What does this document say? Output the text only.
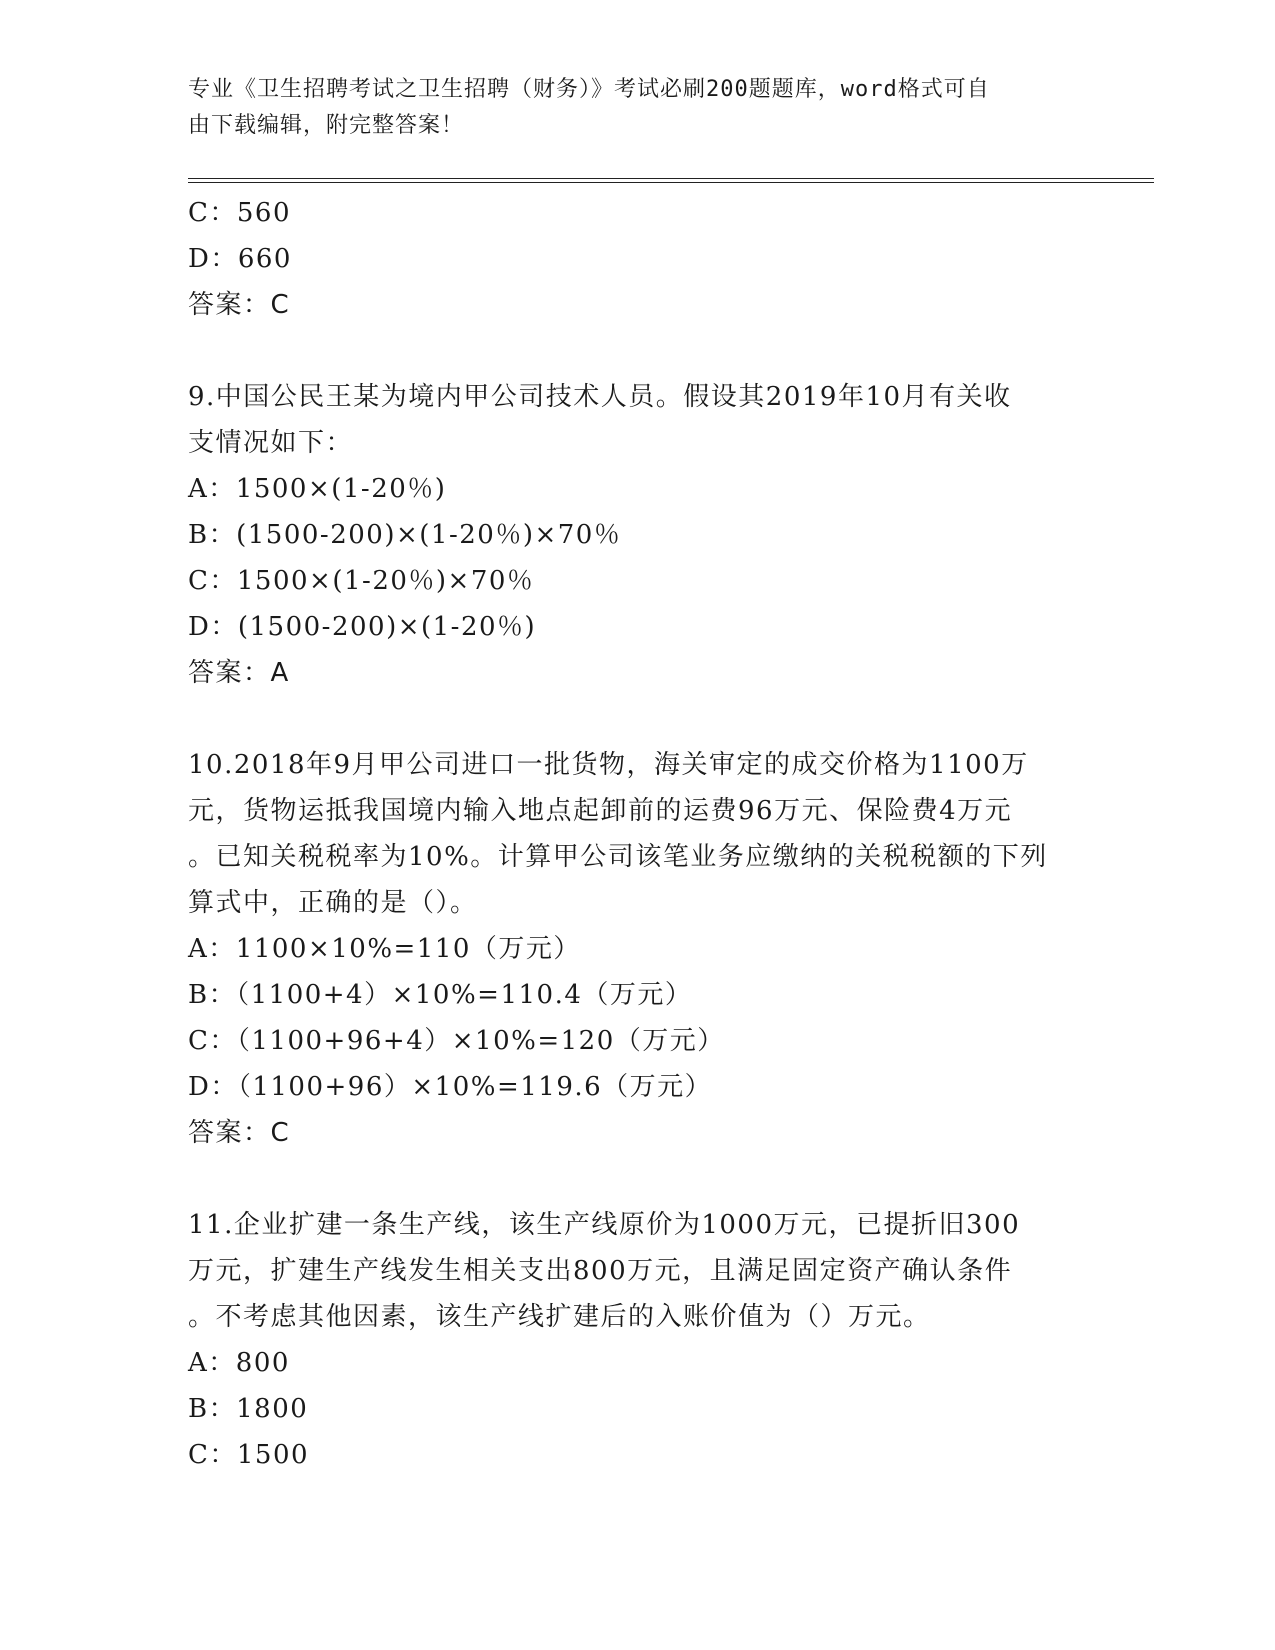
专业《卫生招聘考试之卫生招聘（财务）》考试必刷200题题库，word格式可自
由下载编辑，附完整答案！
C：560
D：660
答案：C
9.中国公民王某为境内甲公司技术人员。假设其2019年10月有关收
支情况如下：
A：1500×(1-20％)
B：(1500-200)×(1-20％)×70％
C：1500×(1-20％)×70％
D：(1500-200)×(1-20％)
答案：A
10.2018年9月甲公司进口一批货物，海关审定的成交价格为1100万
元，货物运抵我国境内输入地点起卸前的运费96万元、保险费4万元
。已知关税税率为10%。计算甲公司该笔业务应缴纳的关税税额的下列
算式中，正确的是（）。
A：1100×10%=110（万元）
B：（1100+4）×10%=110.4（万元）
C：（1100+96+4）×10%=120（万元）
D：（1100+96）×10%=119.6（万元）
答案：C
11.企业扩建一条生产线，该生产线原价为1000万元，已提折旧300
万元，扩建生产线发生相关支出800万元，且满足固定资产确认条件
。不考虑其他因素，该生产线扩建后的入账价值为（）万元。
A：800
B：1800
C：1500
